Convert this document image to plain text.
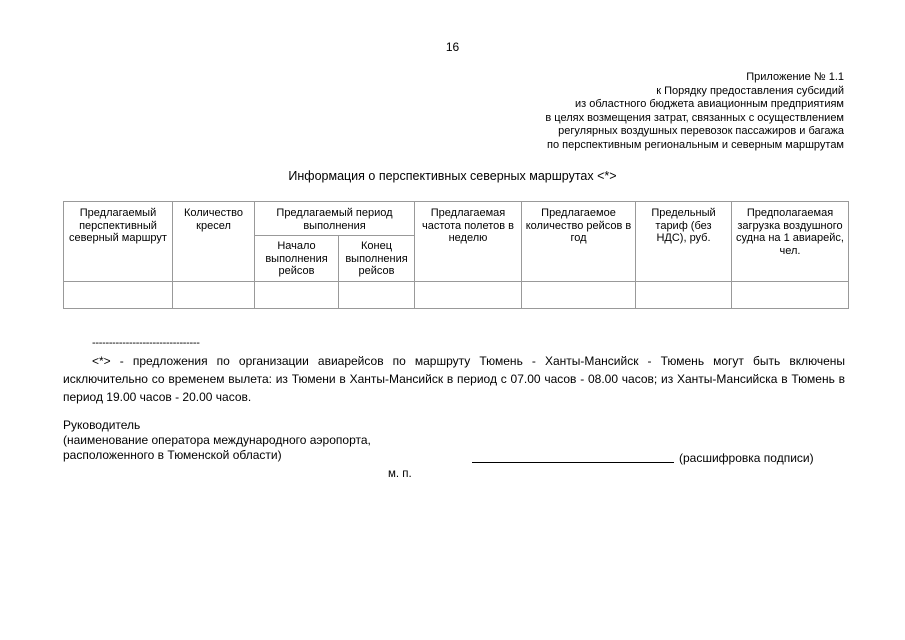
16
Приложение № 1.1
к Порядку предоставления субсидий
из областного бюджета авиационным предприятиям
в целях возмещения затрат, связанных с осуществлением
регулярных воздушных перевозок пассажиров и багажа
по перспективным региональным и северным маршрутам
Информация о перспективных северных маршрутах <*>
Предлагаемый перспективный северный маршрут	Количество кресел	Предлагаемый период выполнения		Предлагаемая частота полетов в неделю	Предлагаемое количество рейсов в год	Предельный тариф (без НДС), руб.	Предполагаемая загрузка воздушного судна на 1 авиарейс, чел.
		Начало выполнения рейсов	Конец выполнения рейсов				

--------------------------------
<*> - предложения по организации авиарейсов по маршруту Тюмень - Ханты-Мансийск - Тюмень могут быть включены исключительно со временем вылета: из Тюмени в Ханты-Мансийск в период с 07.00 часов - 08.00 часов; из Ханты-Мансийска в Тюмень в период 19.00 часов - 20.00 часов.
Руководитель
(наименование оператора международного аэропорта,
расположенного в Тюменской области)	(расшифровка подписи)
м. п.
